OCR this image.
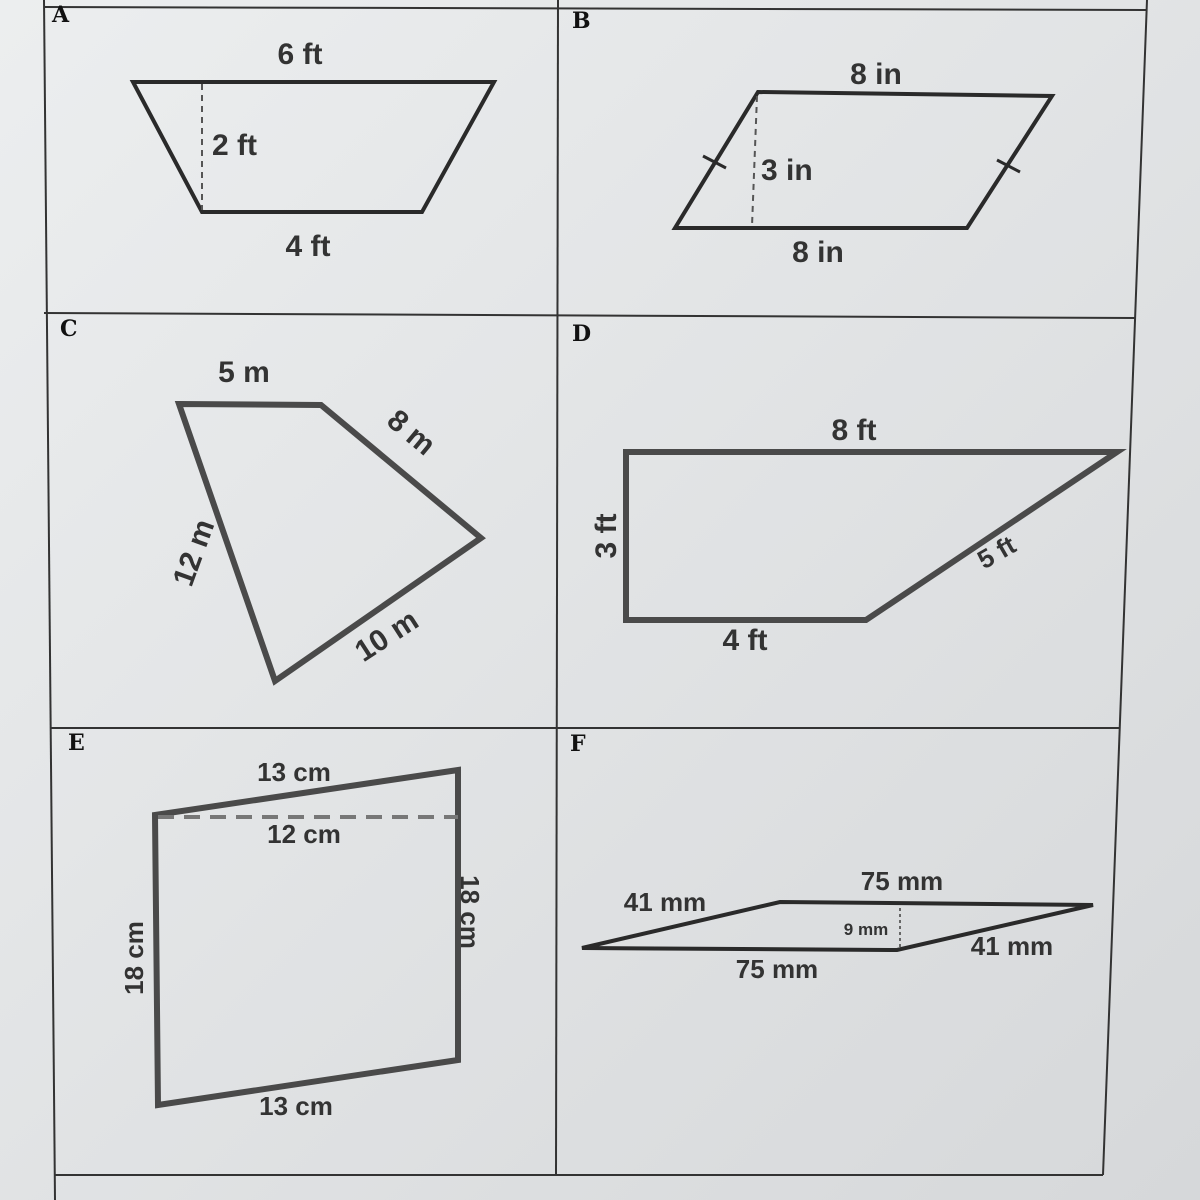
A
6 ft
2 ft
4 ft
B
8 in
3 in
8 in
C
5 m
8 m
12 m
10 m
D
8 ft
3 ft	5 ft
4 ft
E
13 cm
12 cm
18 cm
18 cm
13 cm
F
41 mm
75 mm
9 mm
41 mm
75 mm
